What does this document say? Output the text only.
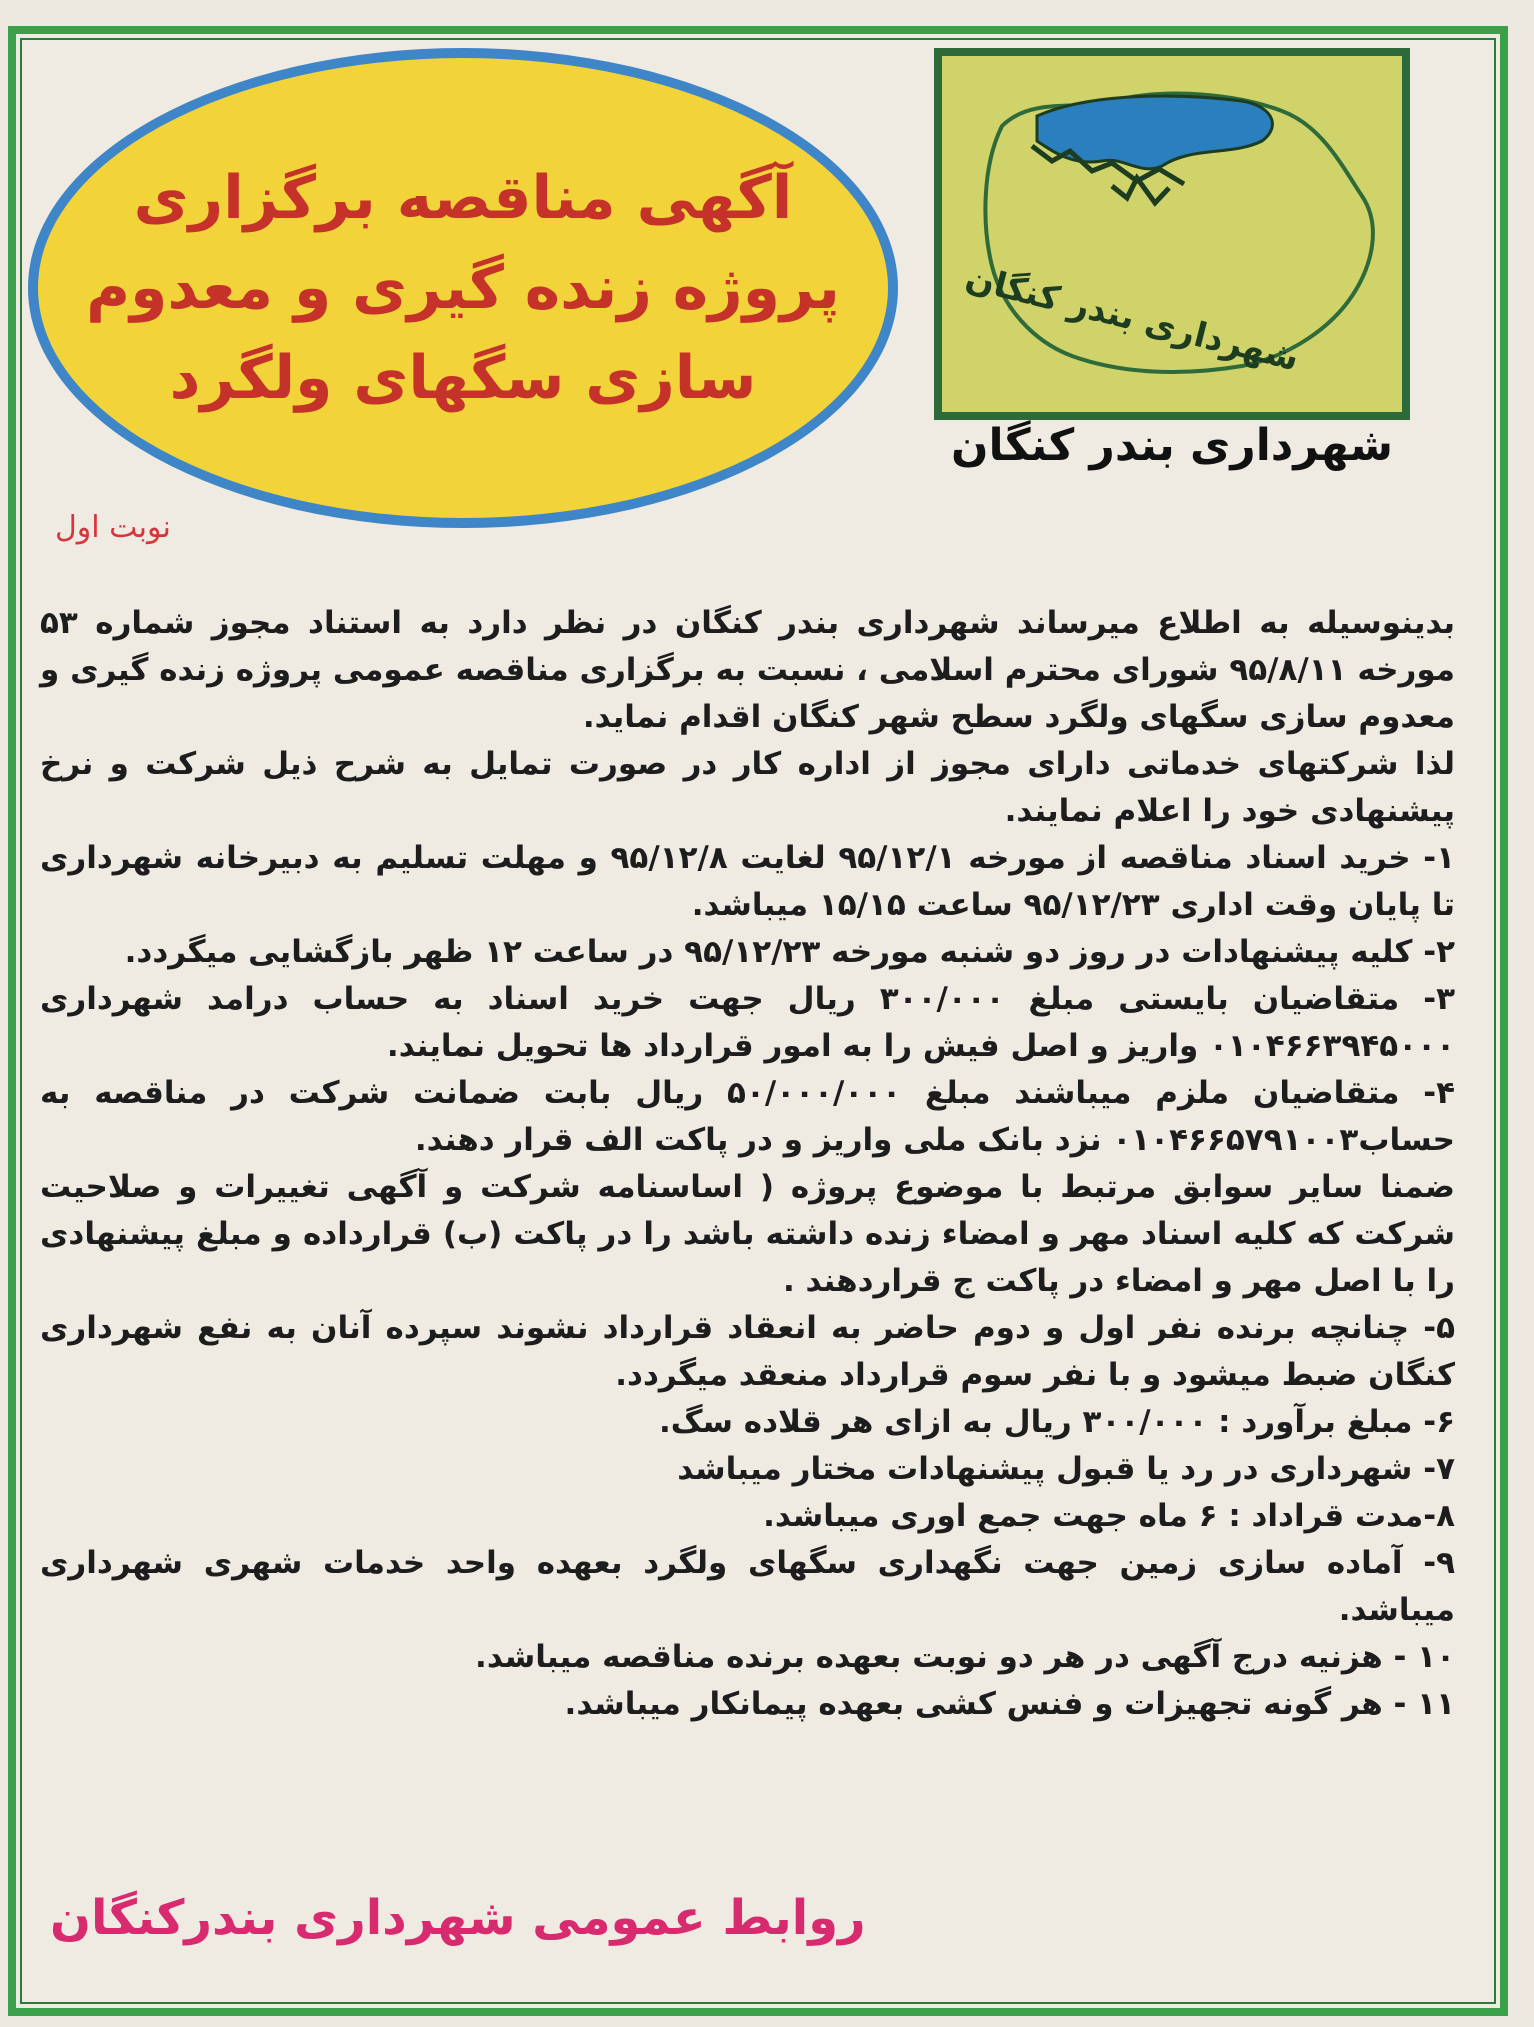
آگهی مناقصه برگزاری
پروژه زنده گیری و معدوم
سازی سگهای ولگرد	شهرداری بندر کنگان
شهرداری بندر کنگان
نوبت اول

بدینوسیله به اطلاع میرساند شهرداری بندر کنگان در نظر دارد به استناد مجوز شماره ۵۳ مورخه ۹۵/۸/۱۱ شورای محترم اسلامی ، نسبت به برگزاری مناقصه عمومی پروژه زنده گیری و معدوم سازی سگهای ولگرد سطح شهر کنگان اقدام نماید.

لذا شرکتهای خدماتی دارای مجوز از اداره کار در صورت تمایل به شرح ذیل شرکت و نرخ پیشنهادی خود را اعلام نمایند.

۱- خرید اسناد مناقصه از مورخه ۹۵/۱۲/۱ لغایت ۹۵/۱۲/۸ و مهلت تسلیم به دبیرخانه شهرداری تا پایان وقت اداری ۹۵/۱۲/۲۳ ساعت ۱۵/۱۵ میباشد.

۲- کلیه پیشنهادات در روز دو شنبه مورخه ۹۵/۱۲/۲۳ در ساعت ۱۲ ظهر بازگشایی میگردد.

۳- متقاضیان بایستی مبلغ ۳۰۰/۰۰۰ ریال جهت خرید اسناد به حساب درامد شهرداری ۰۱۰۴۶۶۳۹۴۵۰۰۰ واریز و اصل فیش را به امور قرارداد ها تحویل نمایند.

۴- متقاضیان ملزم میباشند مبلغ ۵۰/۰۰۰/۰۰۰ ریال بابت ضمانت شرکت در مناقصه به حساب۰۱۰۴۶۶۵۷۹۱۰۰۳ نزد بانک ملی واریز و در پاکت الف قرار دهند.

ضمنا سایر سوابق مرتبط با موضوع پروژه ( اساسنامه شرکت و آگهی تغییرات و صلاحیت شرکت که کلیه اسناد مهر و امضاء زنده داشته باشد را در پاکت (ب) قرارداده و مبلغ پیشنهادی را با اصل مهر و امضاء در پاکت ج قراردهند .

۵- چنانچه برنده نفر اول و دوم حاضر به انعقاد قرارداد نشوند سپرده آنان به نفع شهرداری کنگان ضبط میشود و با نفر سوم قرارداد منعقد میگردد.

۶- مبلغ برآورد : ۳۰۰/۰۰۰ ریال به ازای هر قلاده سگ.

۷- شهرداری در رد یا قبول پیشنهادات مختار میباشد

۸-مدت قراداد : ۶ ماه جهت جمع اوری میباشد.

۹- آماده سازی زمین جهت نگهداری سگهای ولگرد بعهده واحد خدمات شهری شهرداری میباشد.

۱۰ - هزنیه درج آگهی در هر دو نوبت بعهده برنده مناقصه میباشد.

۱۱ - هر گونه تجهیزات و فنس کشی بعهده پیمانکار میباشد.

روابط عمومی شهرداری بندرکنگان
